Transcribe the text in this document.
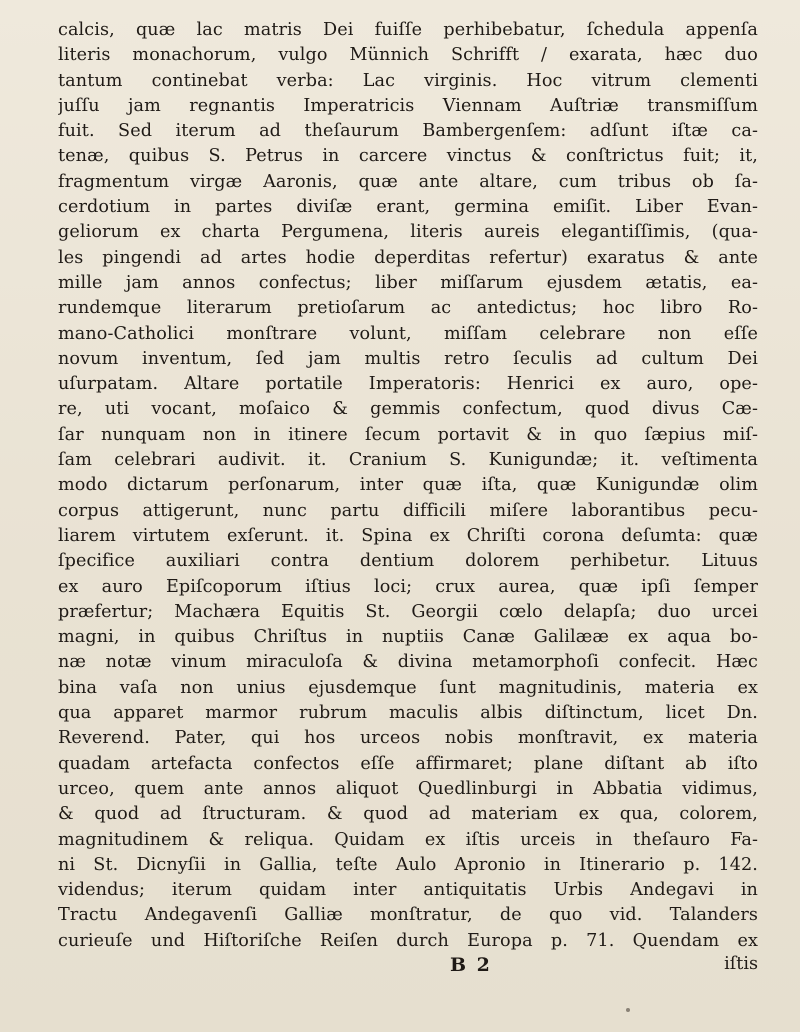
calcis, quæ lac matris Dei fuiſſe perhibebatur, ſchedula appenſa
literis monachorum, vulgo Münnich Schrifft / exarata, hæc duo
tantum continebat verba: Lac virginis. Hoc vitrum clementi
juſſu jam regnantis Imperatricis Viennam Auſtriæ transmiſſum
fuit. Sed iterum ad theſaurum Bambergenſem: adſunt iſtæ ca-
tenæ, quibus S. Petrus in carcere vinctus & conſtrictus fuit; it,
fragmentum virgæ Aaronis, quæ ante altare, cum tribus ob ſa-
cerdotium in partes diviſæ erant, germina emiſit. Liber Evan-
geliorum ex charta Pergumena, literis aureis elegantiſſimis, (qua-
les pingendi ad artes hodie deperditas refertur) exaratus & ante
mille jam annos confectus; liber miſſarum ejusdem ætatis, ea-
rundemque literarum pretioſarum ac antedictus; hoc libro Ro-
mano-Catholici monſtrare volunt, miſſam celebrare non eſſe
novum inventum, ſed jam multis retro ſeculis ad cultum Dei
uſurpatam. Altare portatile Imperatoris: Henrici ex auro, ope-
re, uti vocant, moſaico & gemmis confectum, quod divus Cæ-
ſar nunquam non in itinere ſecum portavit & in quo ſæpius miſ-
ſam celebrari audivit. it. Cranium S. Kunigundæ; it. veſtimenta
modo dictarum perſonarum, inter quæ iſta, quæ Kunigundæ olim
corpus attigerunt, nunc partu difficili miſere laborantibus pecu-
liarem virtutem exſerunt. it. Spina ex Chriſti corona deſumta: quæ
ſpecifice auxiliari contra dentium dolorem perhibetur. Lituus
ex auro Epiſcoporum iſtius loci; crux aurea, quæ ipſi ſemper
præfertur; Machæra Equitis St. Georgii cœlo delapſa; duo urcei
magni, in quibus Chriſtus in nuptiis Canæ Galilææ ex aqua bo-
næ notæ vinum miraculoſa & divina metamorphoſi confecit. Hæc
bina vaſa non unius ejusdemque ſunt magnitudinis, materia ex
qua apparet marmor rubrum maculis albis diſtinctum, licet Dn.
Reverend. Pater, qui hos urceos nobis monſtravit, ex materia
quadam artefacta confectos eſſe affirmaret; plane diſtant ab iſto
urceo, quem ante annos aliquot Quedlinburgi in Abbatia vidimus,
& quod ad ſtructuram. & quod ad materiam ex qua, colorem,
magnitudinem & reliqua. Quidam ex iſtis urceis in theſauro Fa-
ni St. Dicnyſii in Gallia, teſte Aulo Apronio in Itinerario p. 142.
videndus; iterum quidam inter antiquitatis Urbis Andegavi in
Tractu Andegavenſi Galliæ monſtratur, de quo vid. Talanders
curieuſe und Hiſtoriſche Reiſen durch Europa p. 71. Quendam ex
B 2	iſtis
